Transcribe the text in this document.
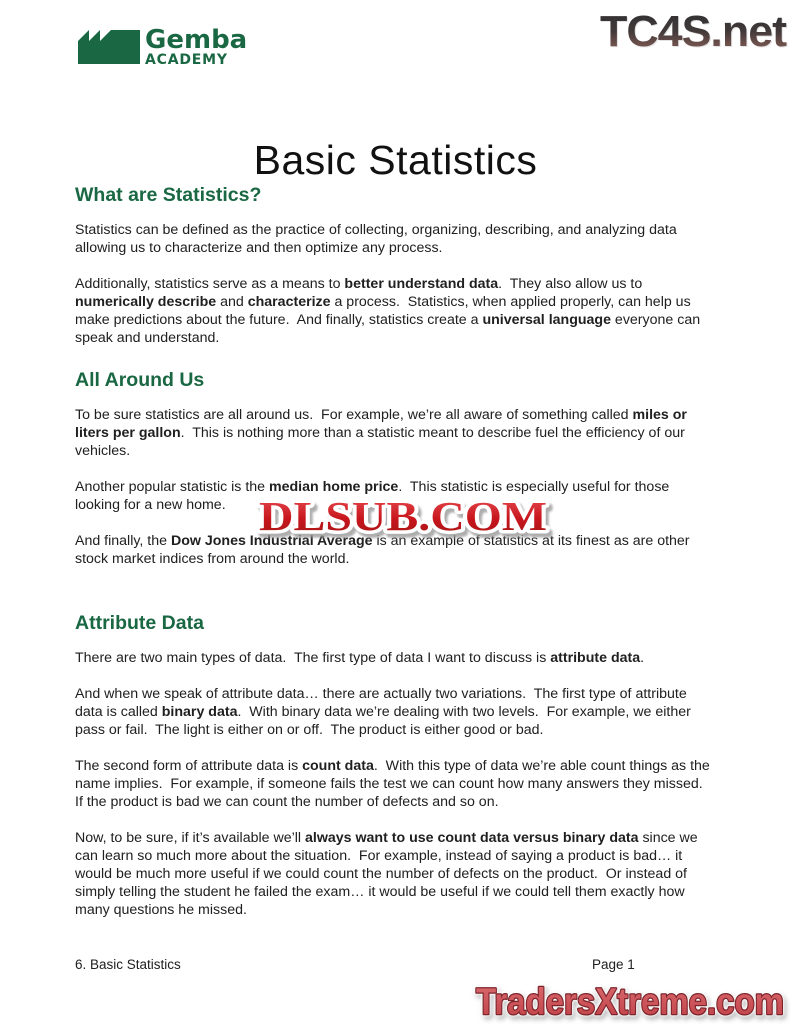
Gemba
ACADEMY
TC4S.net
Basic Statistics
What are Statistics?

Statistics can be defined as the practice of collecting, organizing, describing, and analyzing data allowing us to characterize and then optimize any process.

Additionally, statistics serve as a means to better understand data.  They also allow us to numerically describe and characterize a process.  Statistics, when applied properly, can help us make predictions about the future.  And finally, statistics create a universal language everyone can speak and understand.

All Around Us

To be sure statistics are all around us.  For example, we’re all aware of something called miles or liters per gallon.  This is nothing more than a statistic meant to describe fuel the efficiency of our vehicles.

Another popular statistic is the median home price.  This statistic is especially useful for those looking for a new home.

And finally, the Dow Jones Industrial Average is an example of statistics at its finest as are other stock market indices from around the world.

Attribute Data

There are two main types of data.  The first type of data I want to discuss is attribute data.

And when we speak of attribute data… there are actually two variations.  The first type of attribute data is called binary data.  With binary data we’re dealing with two levels.  For example, we either pass or fail.  The light is either on or off.  The product is either good or bad.

The second form of attribute data is count data.  With this type of data we’re able count things as the name implies.  For example, if someone fails the test we can count how many answers they missed.  If the product is bad we can count the number of defects and so on.

Now, to be sure, if it’s available we’ll always want to use count data versus binary data since we can learn so much more about the situation.  For example, instead of saying a product is bad… it would be much more useful if we could count the number of defects on the product.  Or instead of simply telling the student he failed the exam… it would be useful if we could tell them exactly how many questions he missed.

DLSUB.COM
6. Basic Statistics	Page 1
TradersXtreme.com
